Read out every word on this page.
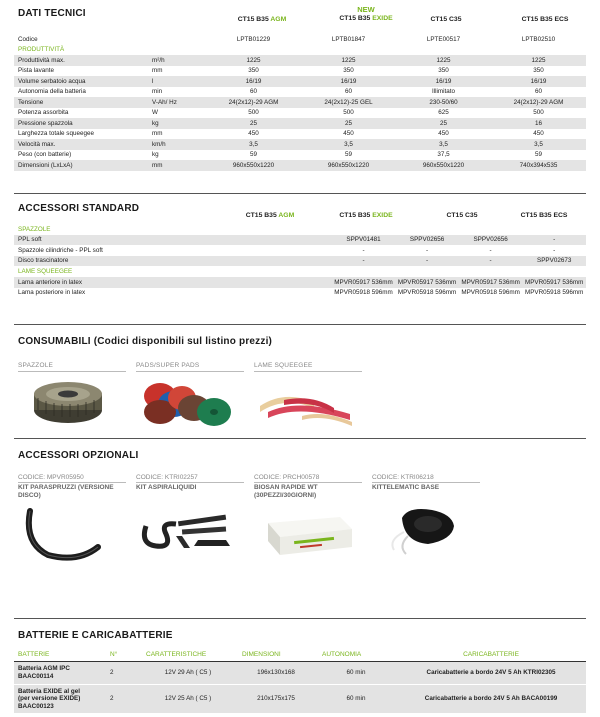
DATI TECNICI
CT15 B35 AGM
NEW
CT15 B35 EXIDE	CT15 C35	CT15 B35 ECS
Codice		LPTB01229	LPTB01847	LPTE00517	LPTB02510
PRODUTTIVITÀ					
Produttività max.	m²/h	1225	1225	1225	1225
Pista lavante	mm	350	350	350	350
Volume serbatoio acqua	l	16/19	16/19	16/19	16/19
Autonomia della batteria	min	60	60	Illimitato	60
Tensione	V-Ah/ Hz	24(2x12)-29 AGM	24(2x12)-25 GEL	230-50/60	24(2x12)-29 AGM
Potenza assorbita	W	500	500	625	500
Pressione spazzola	kg	25	25	25	16
Larghezza totale squeegee	mm	450	450	450	450
Velocità max.	km/h	3,5	3,5	3,5	3,5
Peso (con batterie)	kg	59	59	37,5	59
Dimensioni (LxLxA)	mm	960x550x1220	960x550x1220	960x550x1220	740x394x535
ACCESSORI STANDARD
CT15 B35 AGM	CT15 B35 EXIDE	CT15 C35	CT15 B35 ECS
SPAZZOLE				
PPL soft	SPPV01481	SPPV02656	SPPV02656	-
Spazzole cilindriche - PPL soft	-	-	-	-
Disco trascinatore	-	-	-	SPPV02673
LAME SQUEEGEE				
Lama anteriore in latex	MPVR05917 536mm	MPVR05917 536mm	MPVR05917 536mm	MPVR05917 536mm
Lama posteriore in latex	MPVR05918 596mm	MPVR05918 596mm	MPVR05918 596mm	MPVR05918 596mm
CONSUMABILI (Codici disponibili sul listino prezzi)
SPAZZOLE	PADS/SUPER PADS	LAME SQUEEGEE
ACCESSORI OPZIONALI
CODICE: MPVR05950
KIT PARASPRUZZI (VERSIONE DISCO)
CODICE: KTRI02257
KIT ASPIRALIQUIDI
CODICE: PRCH00578
BIOSAN RAPIDE WT (30PEZZI/30GIORNI)
CODICE: KTRI06218
KITTELEMATIC BASE
BATTERIE E CARICABATTERIE
BATTERIE	N°	CARATTERISTICHE	DIMENSIONI	AUTONOMIA	CARICABATTERIE
Batteria AGM IPC
BAAC00114	2	12V 29 Ah ( C5 )	196x130x168	60 min	Caricabatterie a bordo 24V 5 Ah KTRI02305

Batteria EXIDE al gel
(per versione EXIDE)
BAAC00123	2	12V 25 Ah ( C5 )	210x175x175	60 min	Caricabatterie a bordo 24V 5 Ah BACA00199
